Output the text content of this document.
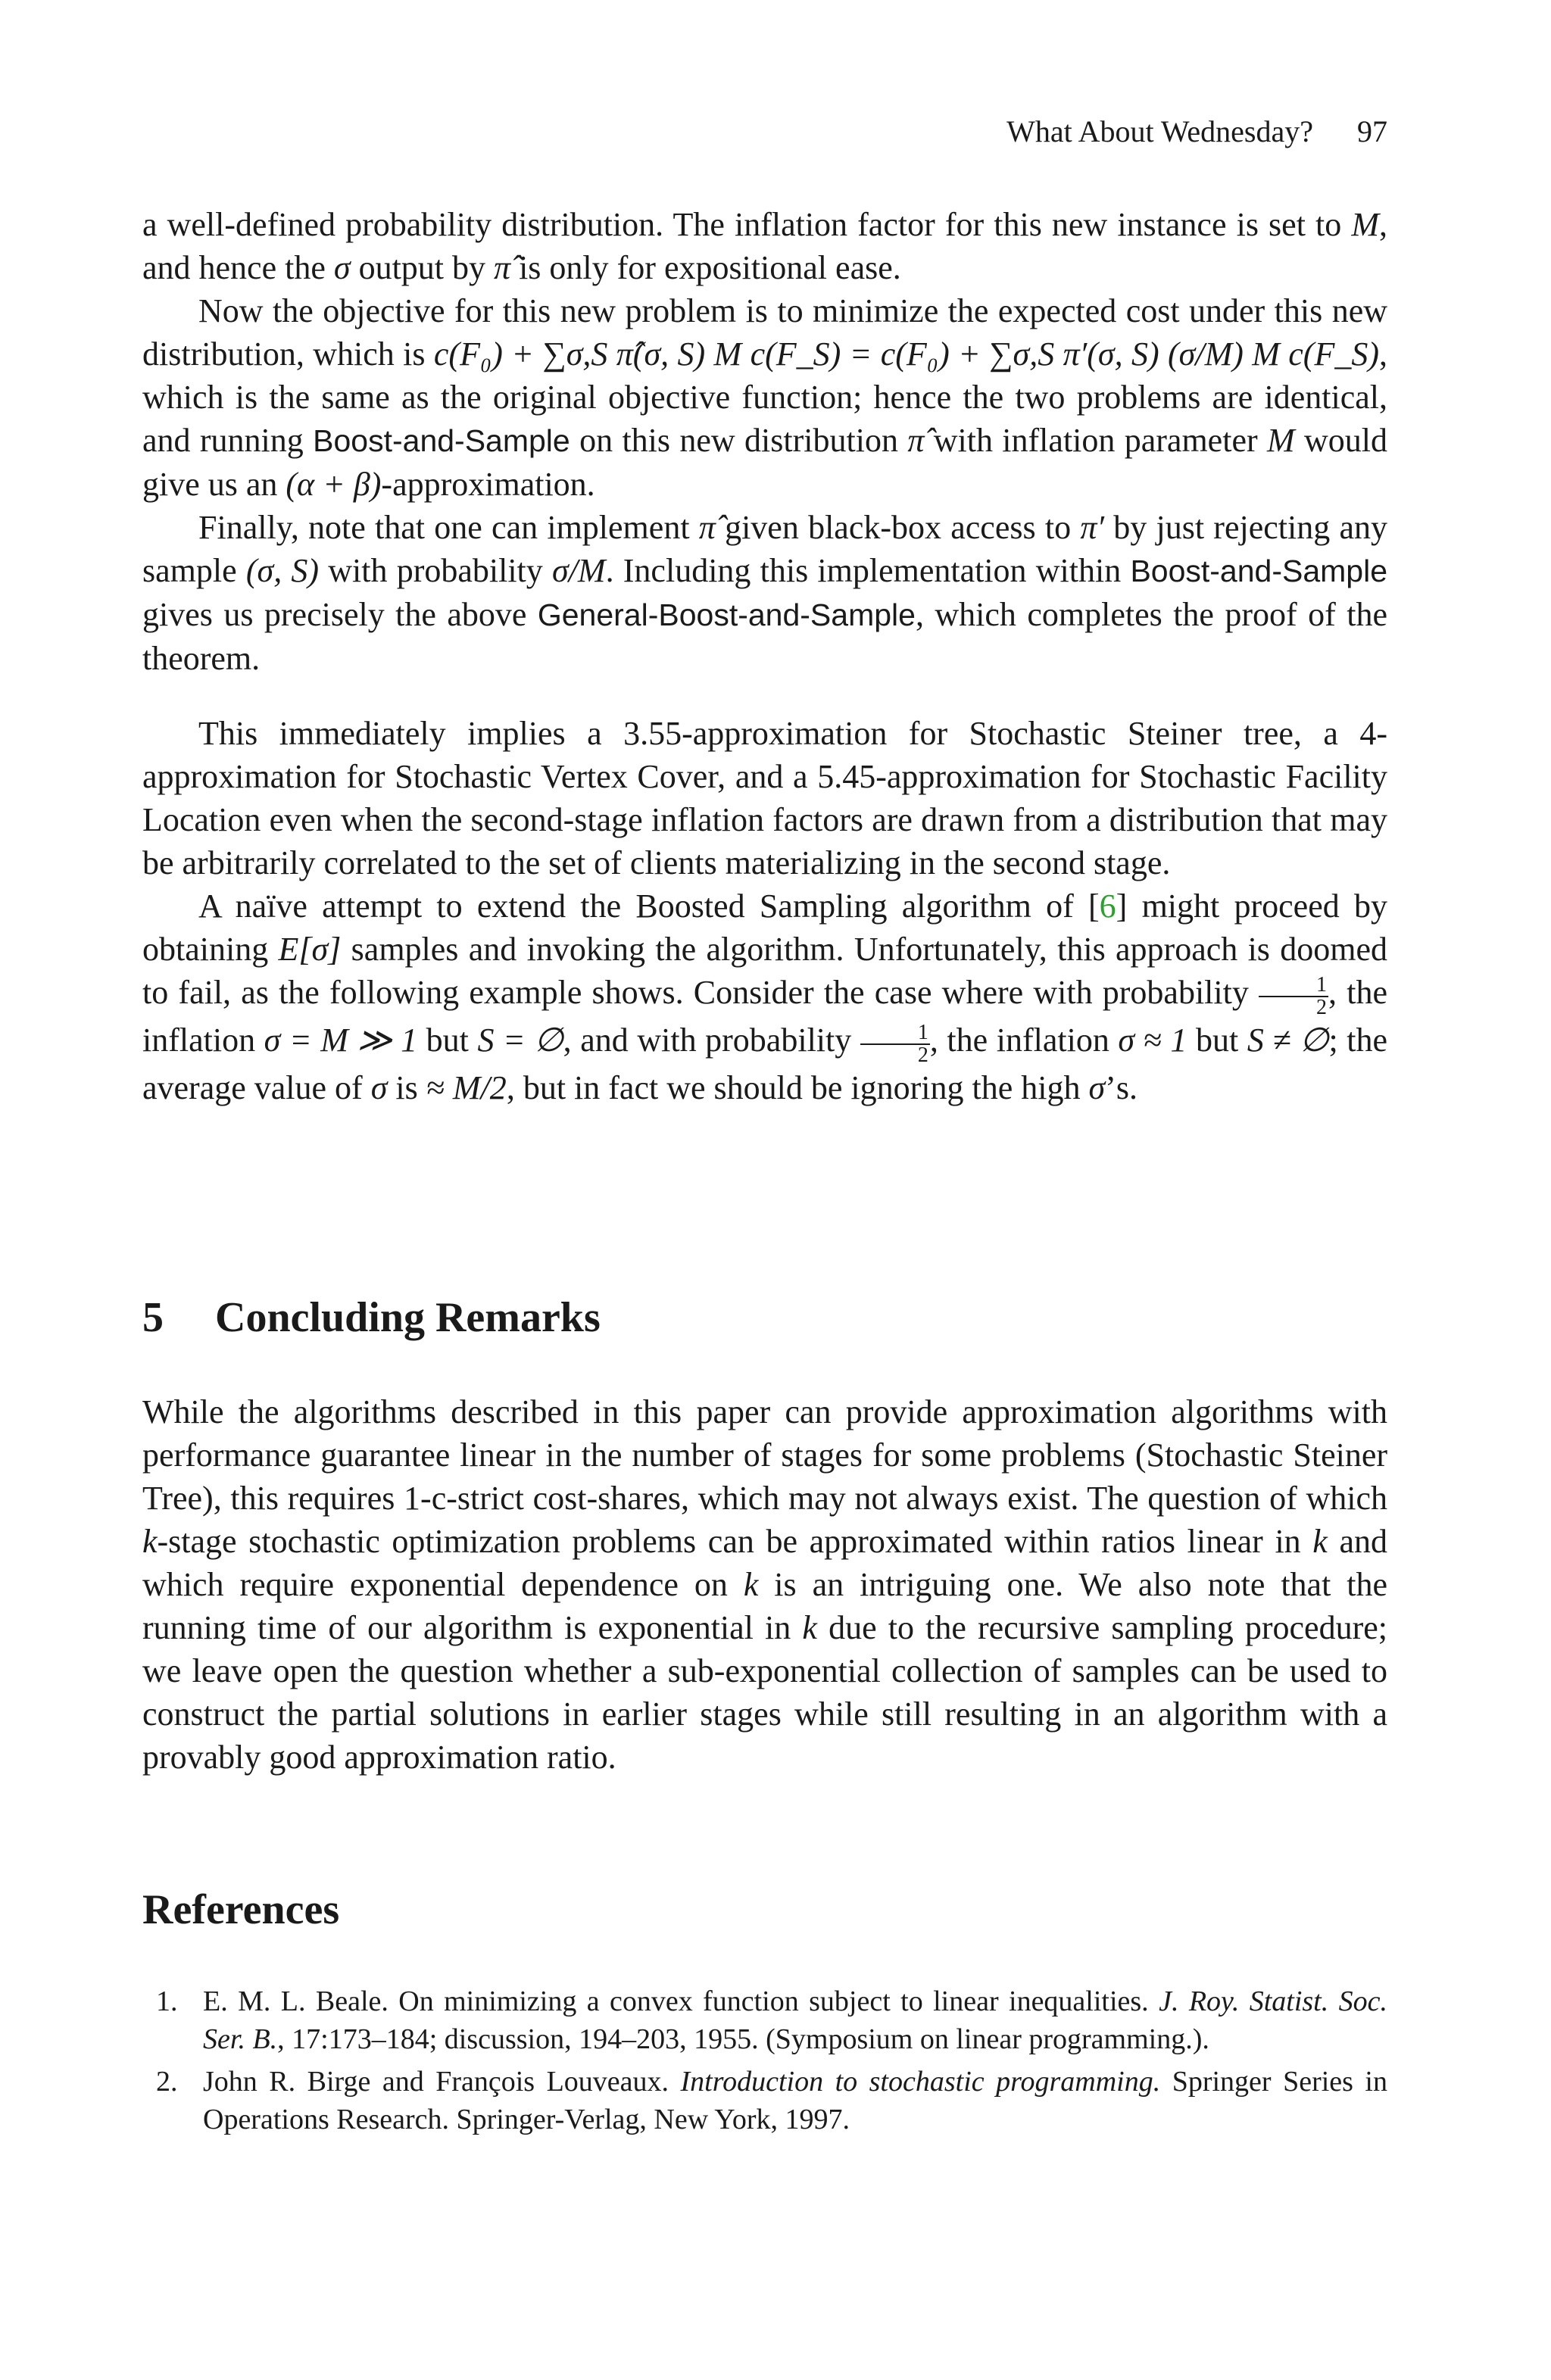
What About Wednesday? 97

a well-defined probability distribution. The inflation factor for this new instance is set to M, and hence the σ output by π̂ is only for expositional ease.

Now the objective for this new problem is to minimize the expected cost under this new distribution, which is c(F₀) + ∑σ,S π̂(σ, S) M c(F_S) = c(F₀) + ∑σ,S π′(σ, S) (σ/M) M c(F_S), which is the same as the original objective function; hence the two problems are identical, and running Boost-and-Sample on this new distribution π̂ with inflation parameter M would give us an (α + β)-approximation.

Finally, note that one can implement π̂ given black-box access to π′ by just rejecting any sample (σ, S) with probability σ/M. Including this implementation within Boost-and-Sample gives us precisely the above General-Boost-and-Sample, which completes the proof of the theorem.

This immediately implies a 3.55-approximation for Stochastic Steiner tree, a 4-approximation for Stochastic Vertex Cover, and a 5.45-approximation for Stochastic Facility Location even when the second-stage inflation factors are drawn from a distribution that may be arbitrarily correlated to the set of clients materializing in the second stage.

A naïve attempt to extend the Boosted Sampling algorithm of [6] might proceed by obtaining E[σ] samples and invoking the algorithm. Unfortunately, this approach is doomed to fail, as the following example shows. Consider the case where with probability $\frac{1}{2}$ , the inflation σ = M ≫ 1 but S = ∅, and with probability $\frac{1}{2}$ , the inflation σ ≈ 1 but S ≠ ∅; the average value of σ is ≈ M/2, but in fact we should be ignoring the high σ’s.

5 Concluding Remarks

While the algorithms described in this paper can provide approximation algorithms with performance guarantee linear in the number of stages for some problems (Stochastic Steiner Tree), this requires 1-c-strict cost-shares, which may not always exist. The question of which k-stage stochastic optimization problems can be approximated within ratios linear in k and which require exponential dependence on k is an intriguing one. We also note that the running time of our algorithm is exponential in k due to the recursive sampling procedure; we leave open the question whether a sub-exponential collection of samples can be used to construct the partial solutions in earlier stages while still resulting in an algorithm with a provably good approximation ratio.

References
1. E. M. L. Beale. On minimizing a convex function subject to linear inequalities. J. Roy. Statist. Soc. Ser. B., 17:173–184; discussion, 194–203, 1955. (Symposium on linear programming.).
2. John R. Birge and François Louveaux. Introduction to stochastic programming. Springer Series in Operations Research. Springer-Verlag, New York, 1997.
